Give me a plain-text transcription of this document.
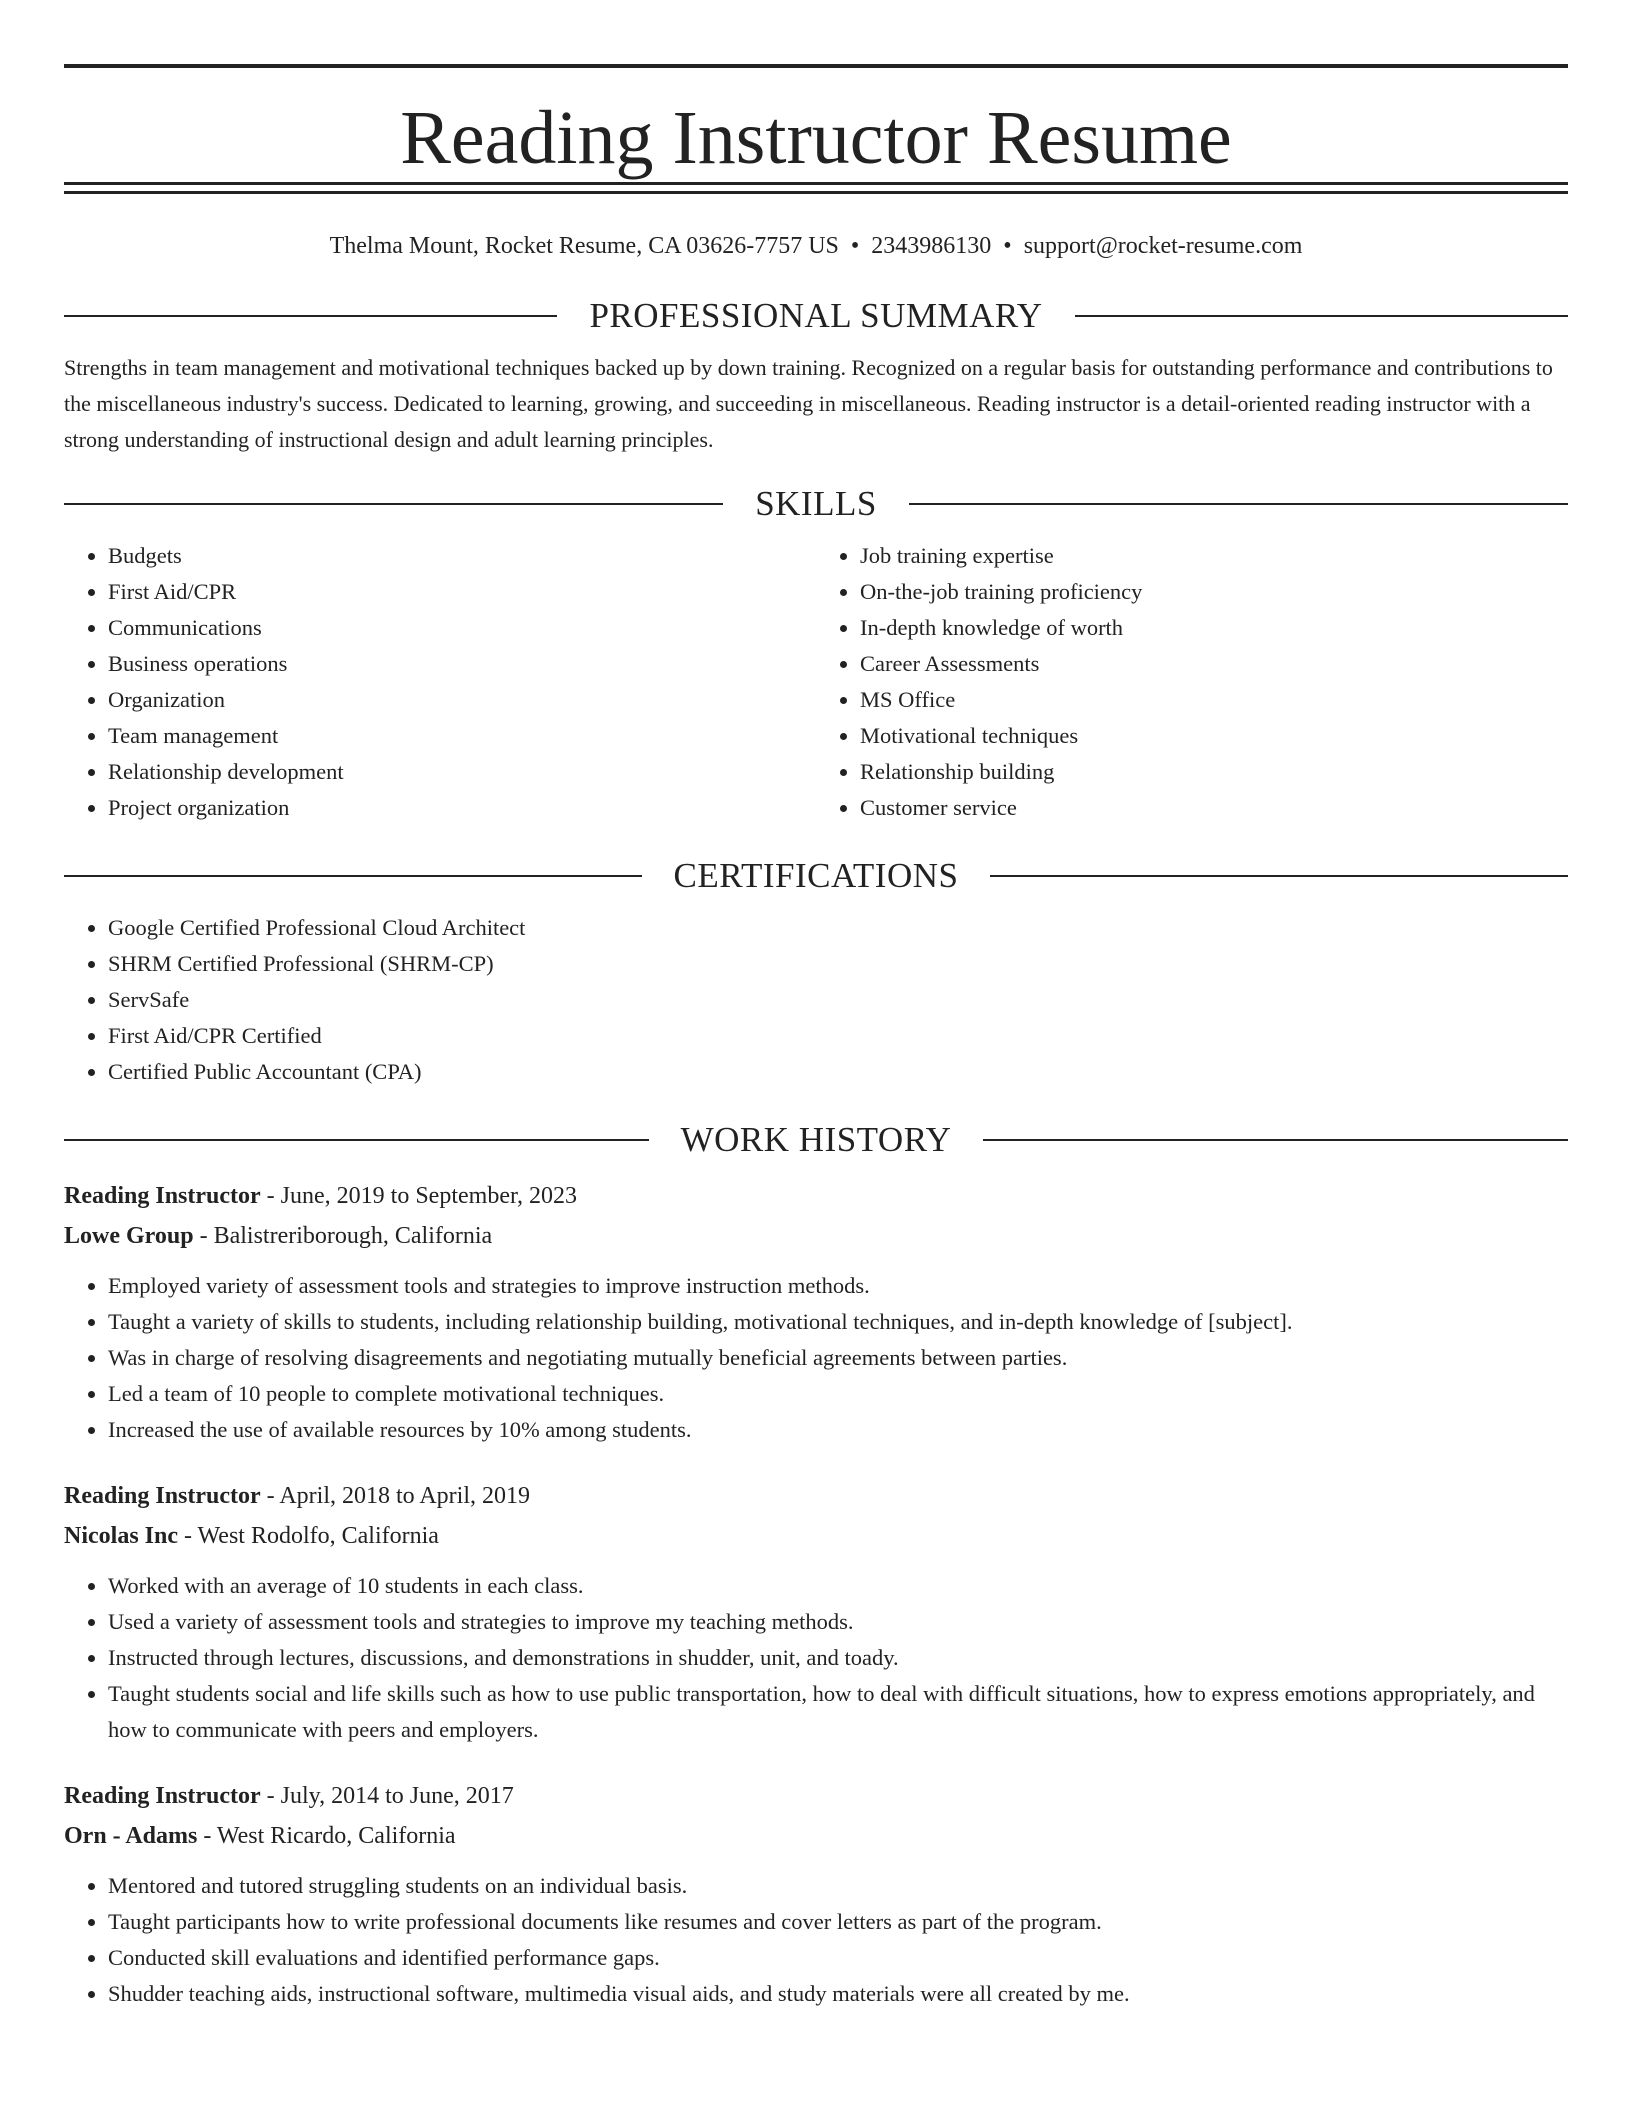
Reading Instructor Resume
Thelma Mount, Rocket Resume, CA 03626-7757 US • 2343986130 • support@rocket-resume.com
PROFESSIONAL SUMMARY

Strengths in team management and motivational techniques backed up by down training. Recognized on a regular basis for outstanding performance and contributions to the miscellaneous industry's success. Dedicated to learning, growing, and succeeding in miscellaneous. Reading instructor is a detail-oriented reading instructor with a strong understanding of instructional design and adult learning principles.

SKILLS
• Budgets
• First Aid/CPR
• Communications
• Business operations
• Organization
• Team management
• Relationship development
• Project organization
• Job training expertise
• On-the-job training proficiency
• In-depth knowledge of worth
• Career Assessments
• MS Office
• Motivational techniques
• Relationship building
• Customer service
CERTIFICATIONS
• Google Certified Professional Cloud Architect
• SHRM Certified Professional (SHRM-CP)
• ServSafe
• First Aid/CPR Certified
• Certified Public Accountant (CPA)
WORK HISTORY
Reading Instructor - June, 2019 to September, 2023
Lowe Group - Balistreriborough, California
• Employed variety of assessment tools and strategies to improve instruction methods.
• Taught a variety of skills to students, including relationship building, motivational techniques, and in-depth knowledge of [subject].
• Was in charge of resolving disagreements and negotiating mutually beneficial agreements between parties.
• Led a team of 10 people to complete motivational techniques.
• Increased the use of available resources by 10% among students.
Reading Instructor - April, 2018 to April, 2019
Nicolas Inc - West Rodolfo, California
• Worked with an average of 10 students in each class.
• Used a variety of assessment tools and strategies to improve my teaching methods.
• Instructed through lectures, discussions, and demonstrations in shudder, unit, and toady.
• Taught students social and life skills such as how to use public transportation, how to deal with difficult situations, how to express emotions appropriately, and how to communicate with peers and employers.
Reading Instructor - July, 2014 to June, 2017
Orn - Adams - West Ricardo, California
• Mentored and tutored struggling students on an individual basis.
• Taught participants how to write professional documents like resumes and cover letters as part of the program.
• Conducted skill evaluations and identified performance gaps.
• Shudder teaching aids, instructional software, multimedia visual aids, and study materials were all created by me.
